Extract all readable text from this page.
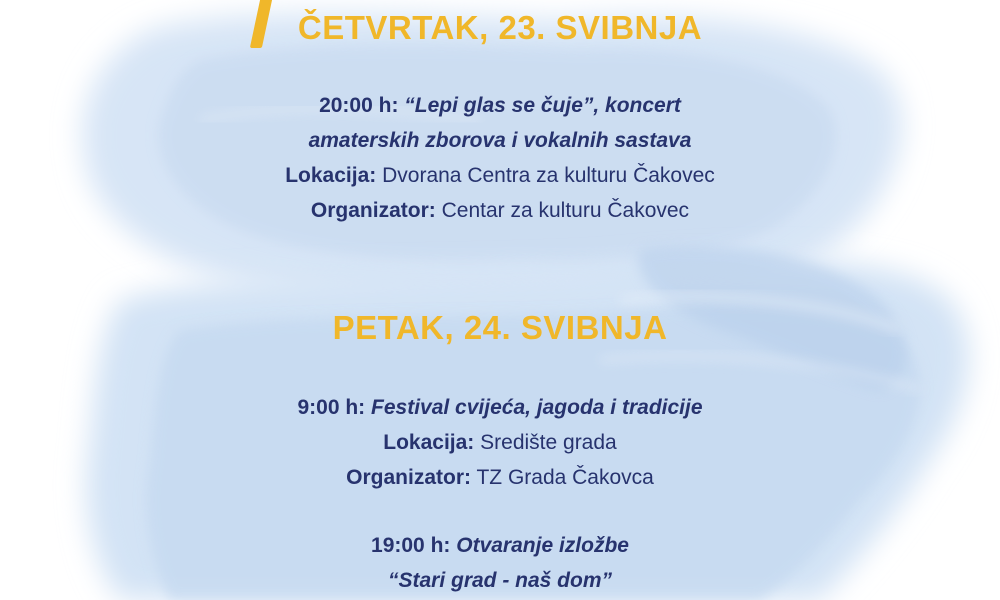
ČETVRTAK, 23. SVIBNJA
20:00 h: “Lepi glas se čuje”, koncert
amaterskih zborova i vokalnih sastava
Lokacija: Dvorana Centra za kulturu Čakovec
Organizator: Centar za kulturu Čakovec
PETAK, 24. SVIBNJA
9:00 h: Festival cvijeća, jagoda i tradicije
Lokacija: Središte grada
Organizator: TZ Grada Čakovca
19:00 h: Otvaranje izložbe
“Stari grad - naš dom”
